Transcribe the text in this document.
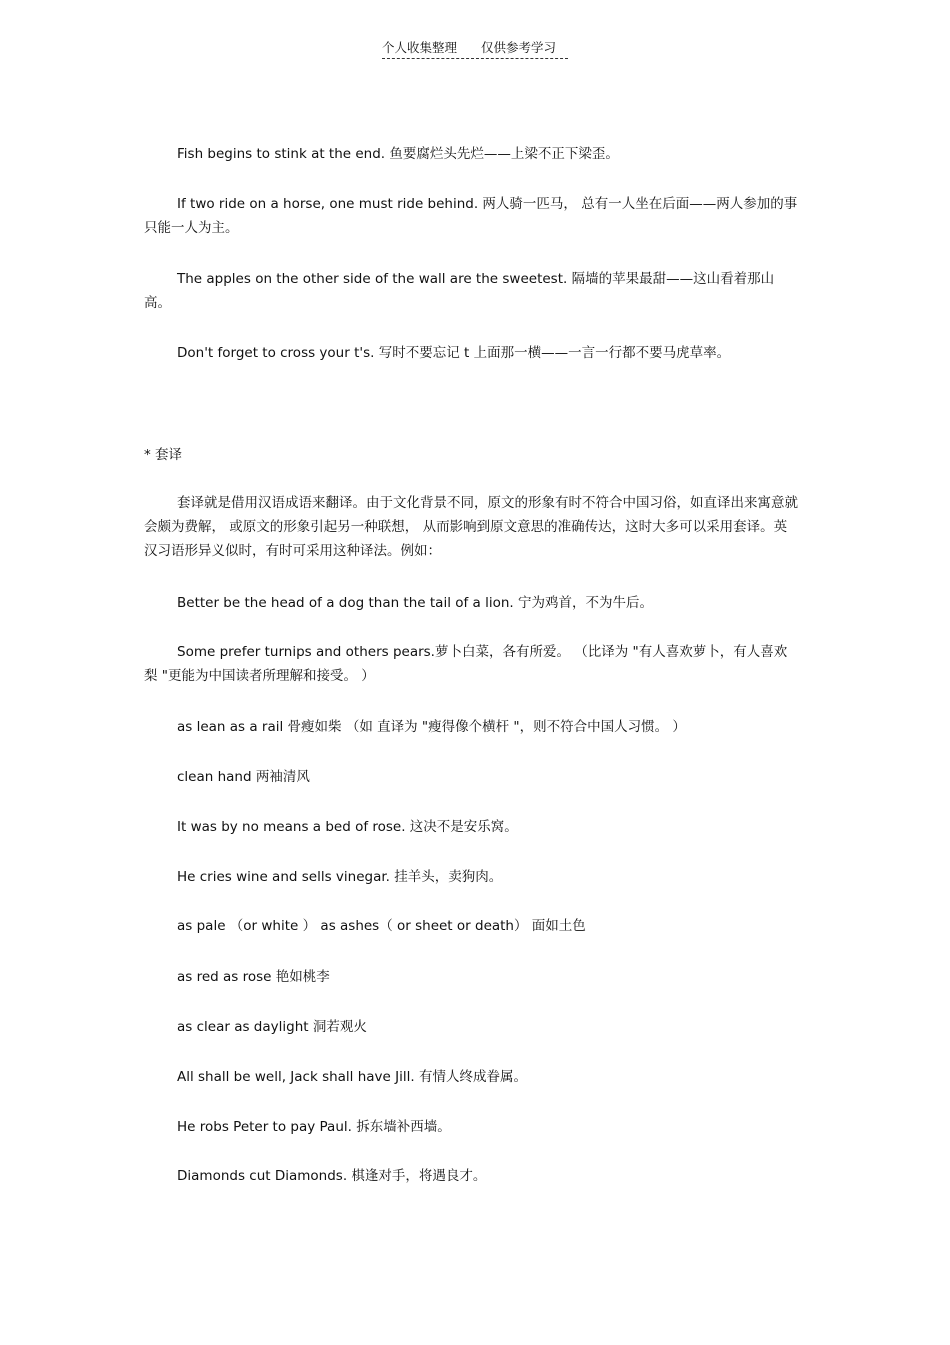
个人收集整理 仅供参考学习
Fish begins to stink at the end. 鱼要腐烂头先烂——上梁不正下梁歪。
If two ride on a horse, one must ride behind. 两人骑一匹马， 总有一人坐在后面——两人参加的事只能一人为主。
The apples on the other side of the wall are the sweetest. 隔墙的苹果最甜——这山看着那山高。
Don't forget to cross your t's. 写时不要忘记 t 上面那一横——一言一行都不要马虎草率。
* 套译
套译就是借用汉语成语来翻译。由于文化背景不同，原文的形象有时不符合中国习俗，如直译出来寓意就会颇为费解， 或原文的形象引起另一种联想， 从而影响到原文意思的准确传达，这时大多可以采用套译。英汉习语形异义似时，有时可采用这种译法。例如：
Better be the head of a dog than the tail of a lion. 宁为鸡首，不为牛后。
Some prefer turnips and others pears.萝卜白菜，各有所爱。 （比译为 "有人喜欢萝卜，有人喜欢梨 "更能为中国读者所理解和接受。 ）
as lean as a rail 骨瘦如柴 （如 直译为 "瘦得像个横杆 "，则不符合中国人习惯。 ）
clean hand 两袖清风
It was by no means a bed of rose. 这决不是安乐窝。
He cries wine and sells vinegar. 挂羊头，卖狗肉。
as pale （or white ） as ashes（ or sheet or death） 面如土色
as red as rose 艳如桃李
as clear as daylight 洞若观火
All shall be well, Jack shall have Jill. 有情人终成眷属。
He robs Peter to pay Paul. 拆东墙补西墙。
Diamonds cut Diamonds. 棋逢对手，将遇良才。
